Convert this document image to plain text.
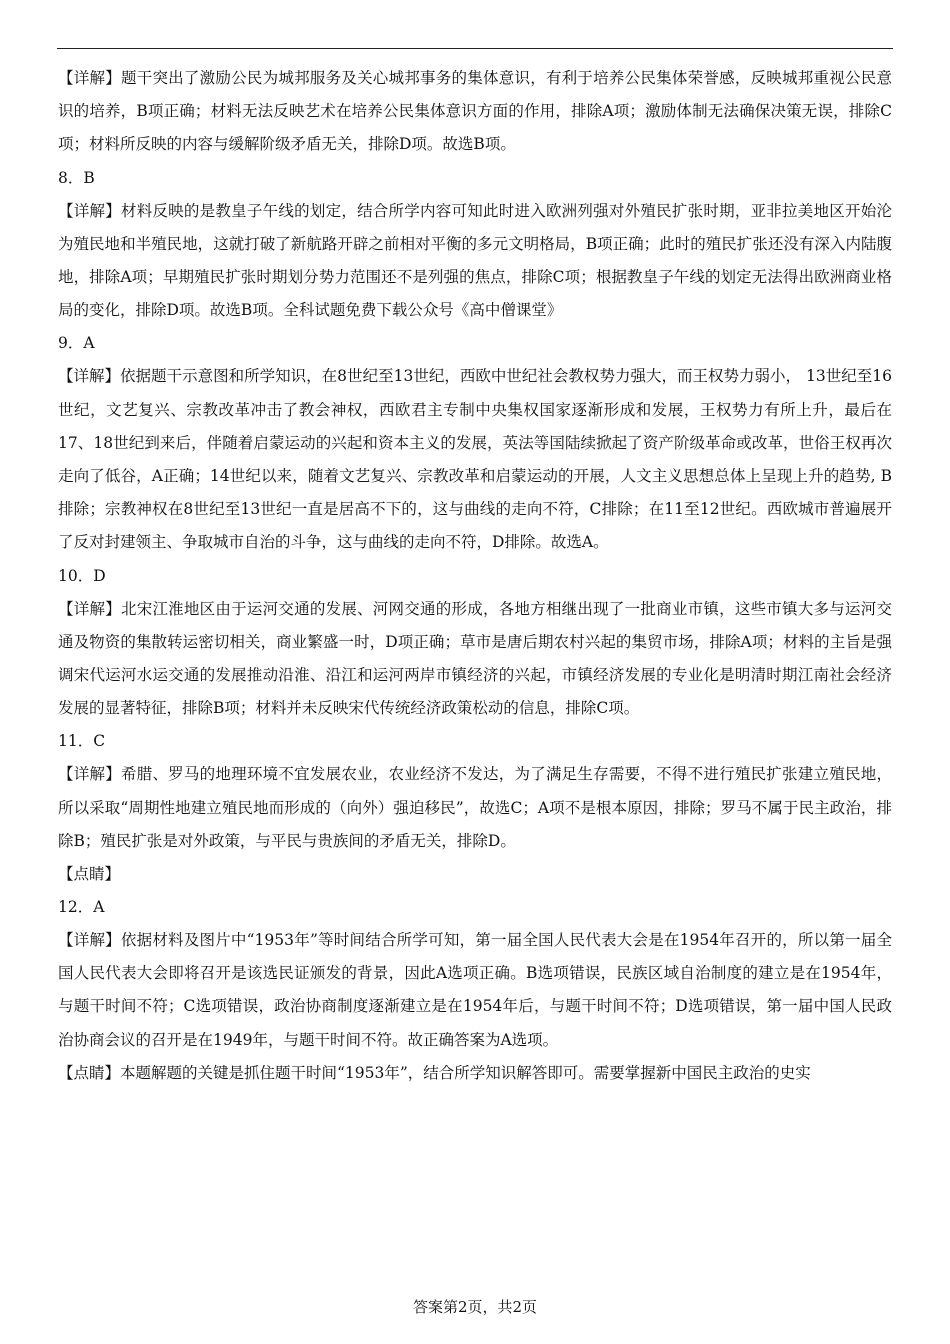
【详解】题干突出了激励公民为城邦服务及关心城邦事务的集体意识，有利于培养公民集体荣誉感，反映城邦重视公民意识的培养，B项正确；材料无法反映艺术在培养公民集体意识方面的作用，排除A项；激励体制无法确保决策无误，排除C项；材料所反映的内容与缓解阶级矛盾无关，排除D项。故选B项。

8．B

【详解】材料反映的是教皇子午线的划定，结合所学内容可知此时进入欧洲列强对外殖民扩张时期，亚非拉美地区开始沦为殖民地和半殖民地，这就打破了新航路开辟之前相对平衡的多元文明格局，B项正确；此时的殖民扩张还没有深入内陆腹地，排除A项；早期殖民扩张时期划分势力范围还不是列强的焦点，排除C项；根据教皇子午线的划定无法得出欧洲商业格局的变化，排除D项。故选B项。全科试题免费下载公众号《高中僧课堂》

9．A

【详解】依据题干示意图和所学知识，在8世纪至13世纪，西欧中世纪社会教权势力强大，而王权势力弱小， 13世纪至16世纪，文艺复兴、宗教改革冲击了教会神权，西欧君主专制中央集权国家逐渐形成和发展，王权势力有所上升，最后在17、18世纪到来后，伴随着启蒙运动的兴起和资本主义的发展，英法等国陆续掀起了资产阶级革命或改革，世俗王权再次走向了低谷，A正确；14世纪以来，随着文艺复兴、宗教改革和启蒙运动的开展，人文主义思想总体上呈现上升的趋势, B排除；宗教神权在8世纪至13世纪一直是居高不下的，这与曲线的走向不符，C排除；在11至12世纪。西欧城市普遍展开了反对封建领主、争取城市自治的斗争，这与曲线的走向不符，D排除。故选A。

10．D

【详解】北宋江淮地区由于运河交通的发展、河网交通的形成，各地方相继出现了一批商业市镇，这些市镇大多与运河交通及物资的集散转运密切相关，商业繁盛一时，D项正确；草市是唐后期农村兴起的集贸市场，排除A项；材料的主旨是强调宋代运河水运交通的发展推动沿淮、沿江和运河两岸市镇经济的兴起，市镇经济发展的专业化是明清时期江南社会经济发展的显著特征，排除B项；材料并未反映宋代传统经济政策松动的信息，排除C项。

11．C

【详解】希腊、罗马的地理环境不宜发展农业，农业经济不发达，为了满足生存需要，不得不进行殖民扩张建立殖民地，所以采取“周期性地建立殖民地而形成的（向外）强迫移民”，故选C；A项不是根本原因，排除；罗马不属于民主政治，排除B；殖民扩张是对外政策，与平民与贵族间的矛盾无关，排除D。

【点睛】

12．A

【详解】依据材料及图片中“1953年”等时间结合所学可知，第一届全国人民代表大会是在1954年召开的，所以第一届全国人民代表大会即将召开是该选民证颁发的背景，因此A选项正确。B选项错误，民族区域自治制度的建立是在1954年，与题干时间不符；C选项错误，政治协商制度逐渐建立是在1954年后，与题干时间不符；D选项错误，第一届中国人民政治协商会议的召开是在1949年，与题干时间不符。故正确答案为A选项。

【点睛】本题解题的关键是抓住题干时间“1953年”，结合所学知识解答即可。需要掌握新中国民主政治的史实

答案第2页，共2页
